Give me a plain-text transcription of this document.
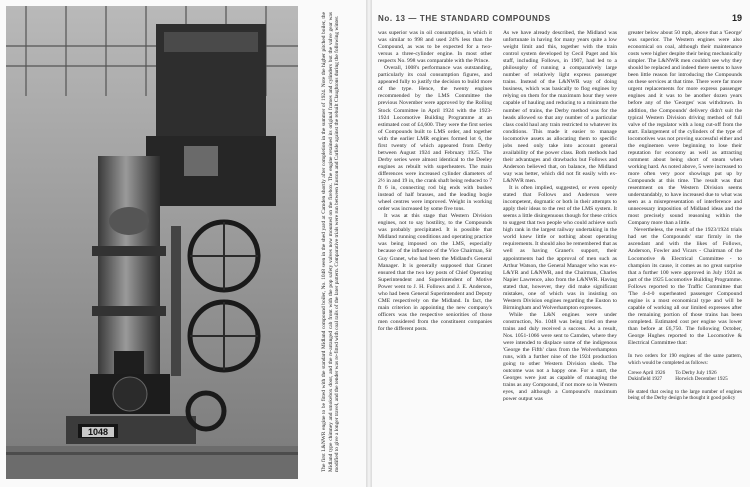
1048	The first L&NWR engine to be fitted with the standard Midland compound boiler, No. 1048 seen in the shed yard at Camden shortly after completion in the summer of 1924. Note the higher pitched boiler, the Midland type chimney and smokebox door, and the re-arranged cab front with the pop safety valves now mounted on the firebox. The engine retained its original frames and cylinders but the valve gear was modified to give a longer travel, and the tender was re-fitted with coal rails of the later pattern. Comparative trials were run between Euston and Carlisle against the rebuilt Claughtons during the following winter.	No. 13 — THE STANDARD COMPOUNDS	19

was superior was in oil consumption, in which it was similar to 998 and used 24% less than the Compound, as was to be expected for a two- versus a three-cylinder engine. In most other respects No. 998 was comparable with the Prince.

Overall, 1008's performance was outstanding, particularly its coal consumption figures, and appeared fully to justify the decision to build more of the type. Hence, the twenty engines recommended by the LMS Committee the previous November were approved by the Rolling Stock Committee in April 1924 with the 1923-1924 Locomotive Building Programme at an estimated cost of £4,600. They were the first series of Compounds built to LMS order, and together with the earlier LMR engines formed lot 6, the first twenty of which appeared from Derby between August 1924 and February 1925. The Derby series were almost identical to the Deeley engines as rebuilt with superheaters. The main differences were increased cylinder diameters of 2½ in and 19 in, the crank shaft being reduced to 7 ft 6 in, connecting rod big ends with bushes instead of half brasses, and the leading bogie wheel centres were improved. Weight in working order was increased by some five tons.

It was at this stage that Western Division engines, not to say hostility, to the Compounds was probably precipitated. It is possible that Midland running conditions and operating practice was being imposed on the LMS, especially because of the influence of the Vice Chairman, Sir Guy Granet, who had been the Midland's General Manager. It is generally supposed that Granet ensured that the two key posts of Chief Operating Superintendent and Superintendent of Motive Power went to J. H. Follows and J. E. Anderson, who had been General Superintendent and Deputy CME respectively on the Midland. In fact, the main criterion in appointing the new company's officers was the respective seniorities of those men considered from the constituent companies for the different posts.

As we have already described, the Midland was unfortunate in having for many years quite a low weight limit and this, together with the train control system developed by Cecil Paget and his staff, including Follows, in 1907, had led to a philosophy of running a comparatively large number of relatively light express passenger trains. Instead of the L&NWR way of doing business, which was basically to flog engines by relying on them for the maximum hour they were capable of hauling and reducing to a minimum the number of trains, the Derby method was for the heads allowed so that any number of a particular class could haul any train restricted to whatever its conditions. This made it easier to manage locomotive assets as allocating them to specific jobs need only take into account general availability of the power class. Both methods had their advantages and drawbacks but Follows and Anderson believed that, on balance, the Midland way was better, which did not fit easily with ex-L&NWR men.

It is often implied, suggested, or even openly stated that Follows and Anderson were incompetent, dogmatic or both in their attempts to apply their ideas to the rest of the LMS system. It seems a little disingenuous though for these critics to suggest that two people who could achieve such high rank in the largest railway undertaking in the world knew little or nothing about operating requirements. It should also be remembered that as well as having Granet's support, their appointments had the approval of men such as Arthur Watson, the General Manager who was ex-L&YR and L&NWR, and the Chairman, Charles Napier Lawrence, also from the L&NWR. Having stated that, however, they did make significant mistakes, one of which was in insisting on Western Division engines regarding the Euston to Birmingham and Wolverhampton expresses.

While the L&N engines were under construction, No. 1048 was being tried on these trains and duly received a success. As a result, Nos. 1051-1066 were sent to Camden, where they were intended to displace some of the indigenous 'George the Fifth' class from the Wolverhampton runs, with a further nine of the 1924 production going to other Western Division sheds. The outcome was not a happy one. For a start, the Georges were just as capable of managing the trains as any Compound, if not more so in Western eyes, and although a Compound's maximum power output was

greater below about 50 mph, above that a 'George' was superior. The Western engines were also economical on coal, although their maintenance costs were higher despite their being mechanically simpler. The L&NWR men couldn't see why they should be replaced and indeed there seems to have been little reason for introducing the Compounds on these services at that time. There were far more urgent replacements for more express passenger engines and it was to be another dozen years before any of the 'Georges' was withdrawn. In addition, the Compounds' delivery didn't suit the typical Western Division driving method of full valve of the regulator with a long cut-off from the start. Enlargement of the cylinders of the type of locomotives was not proving successful either and the enginemen were beginning to lose their reputation for economy as well as attracting comment about being short of steam when working hard. As noted above, 5 were increased to more often very poor showings put up by Compounds at this time. The result was that resentment on the Western Division seems understandably, to have increased due to what was seen as a misrepresentation of interference and unnecessary imposition of Midland ideas and the most precisely sound reasoning within the Company more than a little.

Nevertheless, the result of the 1923/1924 trials had set the Compounds' star firmly in the ascendant and with the likes of Follows, Anderson, Fowler and Vicars - Chairman of the Locomotive & Electrical Committee - to champion its cause, it comes as no great surprise that a further 100 were approved in July 1924 as part of the 1925 Locomotive Building Programme. Follows reported to the Traffic Committee that 'The 4-4-0 superheated passenger Compound engine is a most economical type and will be capable of working all our limited expresses after the remaining portion of those trains has been completed. Estimated cost per engine was lower than before at £6,750. The following October, George Hughes reported to the Locomotive & Electrical Committee that:

In two orders for 190 engines of the same pattern, which would be completed as follows:
Crewe April 1926	To Derby July 1926
Dukinfield 1927	Horwich December 1925
He stated that owing to the large number of engines being of the Derby design he thought it good policy
